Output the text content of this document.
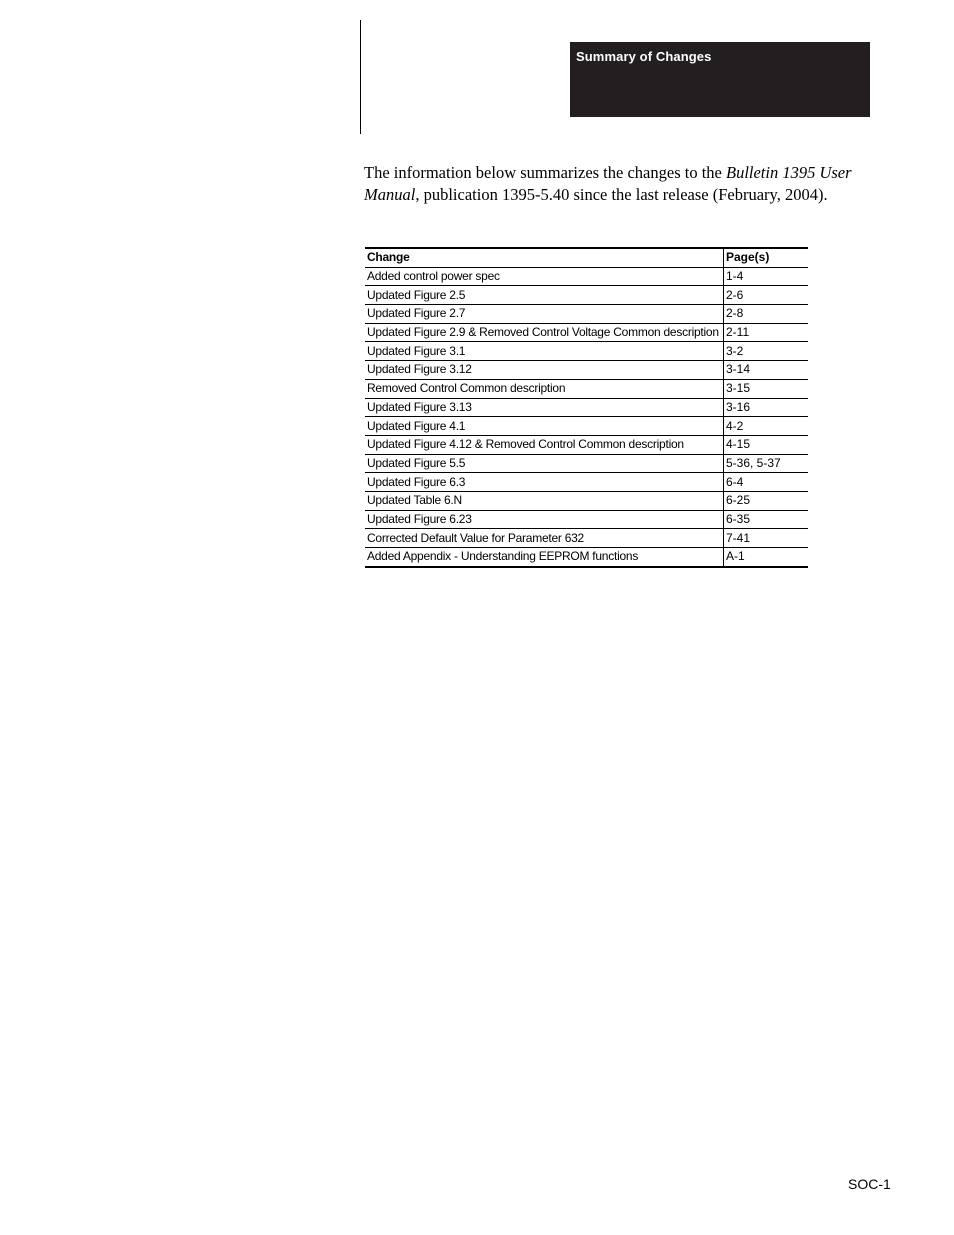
Summary of Changes

The information below summarizes the changes to the Bulletin 1395 User Manual, publication 1395-5.40 since the last release (February, 2004).

Change	Page(s)
Added control power spec	1-4
Updated Figure 2.5	2-6
Updated Figure 2.7	2-8
Updated Figure 2.9 & Removed Control Voltage Common description	2-11
Updated Figure 3.1	3-2
Updated Figure 3.12	3-14
Removed Control Common description	3-15
Updated Figure 3.13	3-16
Updated Figure 4.1	4-2
Updated Figure 4.12 & Removed Control Common description	4-15
Updated Figure 5.5	5-36, 5-37
Updated Figure 6.3	6-4
Updated Table 6.N	6-25
Updated Figure 6.23	6-35
Corrected Default Value for Parameter 632	7-41
Added Appendix - Understanding EEPROM functions	A-1
SOC-1
